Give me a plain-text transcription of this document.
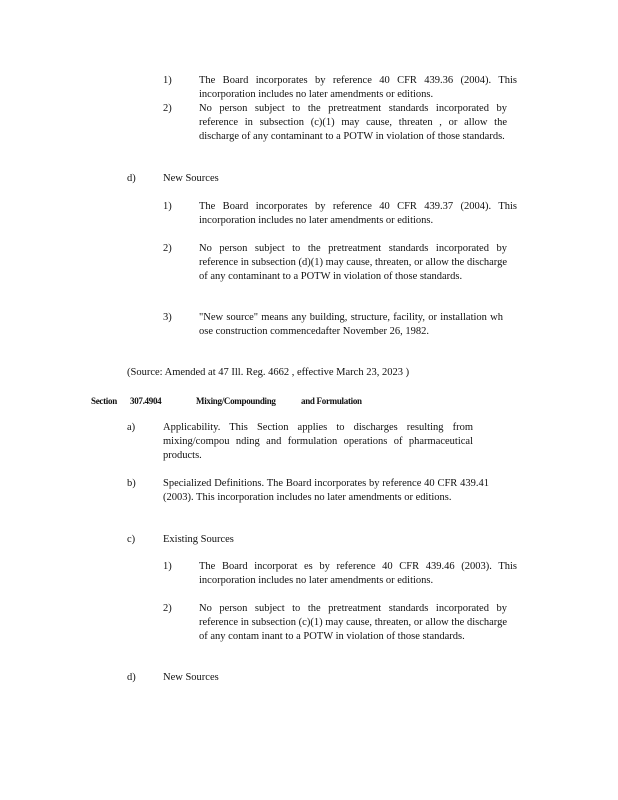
1)	The Board incorporates by reference 40 CFR 439.36 (2004). This incorporation includes no later amendments or editions.
2)	No person subject to the pretreatment standards incorporated by reference in subsection (c)(1) may cause, threaten , or allow the discharge of any contaminant to a POTW in violation of those standards.
d)	New Sources
1)	The Board incorporates by reference 40 CFR 439.37 (2004). This incorporation includes no later amendments or editions.
2)	No person subject to the pretreatment standards incorporated by reference in subsection (d)(1) may cause, threaten, or allow the discharge of any contaminant to a POTW in violation of those standards.
3)	"New source" means any building, structure, facility, or installation wh ose construction commencedafter November 26, 1982.
(Source: Amended at 47 Ill. Reg. 4662 , effective March 23, 2023 )
Section 307.4904	Mixing/Compounding	and Formulation
a)	Applicability. This Section applies to discharges resulting from mixing/compou nding and formulation operations of pharmaceutical products.
b)	Specialized Definitions. The Board incorporates by reference 40 CFR 439.41 (2003). This incorporation includes no later amendments or editions.
c)	Existing Sources
1)	The Board incorporat es by reference 40 CFR 439.46 (2003). This incorporation includes no later amendments or editions.
2)	No person subject to the pretreatment standards incorporated by reference in subsection (c)(1) may cause, threaten, or allow the discharge of any contam inant to a POTW in violation of those standards.
d)	New Sources
